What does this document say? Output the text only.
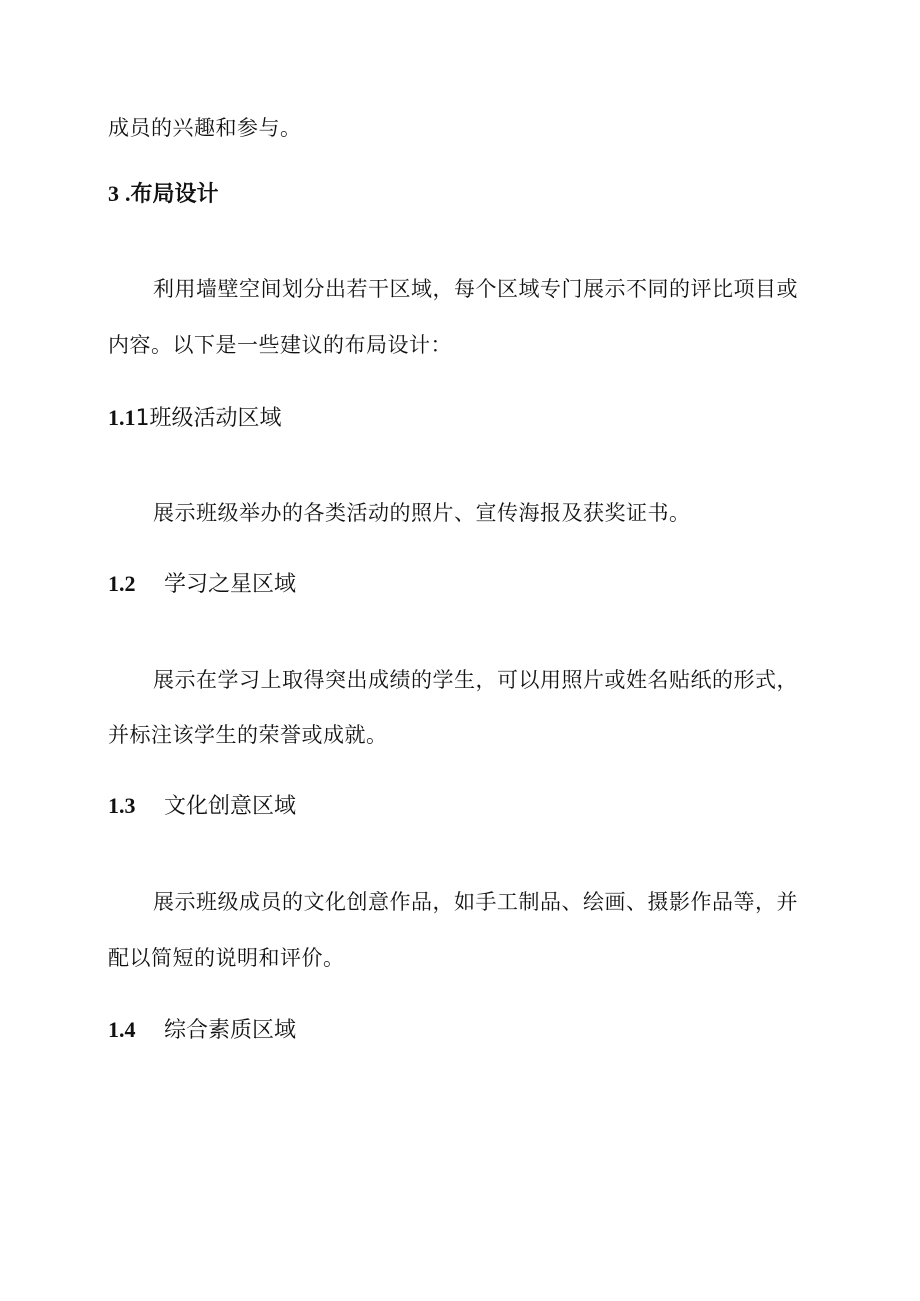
成员的兴趣和参与。
3 .布局设计
利用墙壁空间划分出若干区域，每个区域专门展示不同的评比项目或
内容。以下是一些建议的布局设计：
1.11班级活动区域
展示班级举办的各类活动的照片、宣传海报及获奖证书。
1.2 学习之星区域
展示在学习上取得突出成绩的学生，可以用照片或姓名贴纸的形式，
并标注该学生的荣誉或成就。
1.3 文化创意区域
展示班级成员的文化创意作品，如手工制品、绘画、摄影作品等，并
配以简短的说明和评价。
1.4 综合素质区域
